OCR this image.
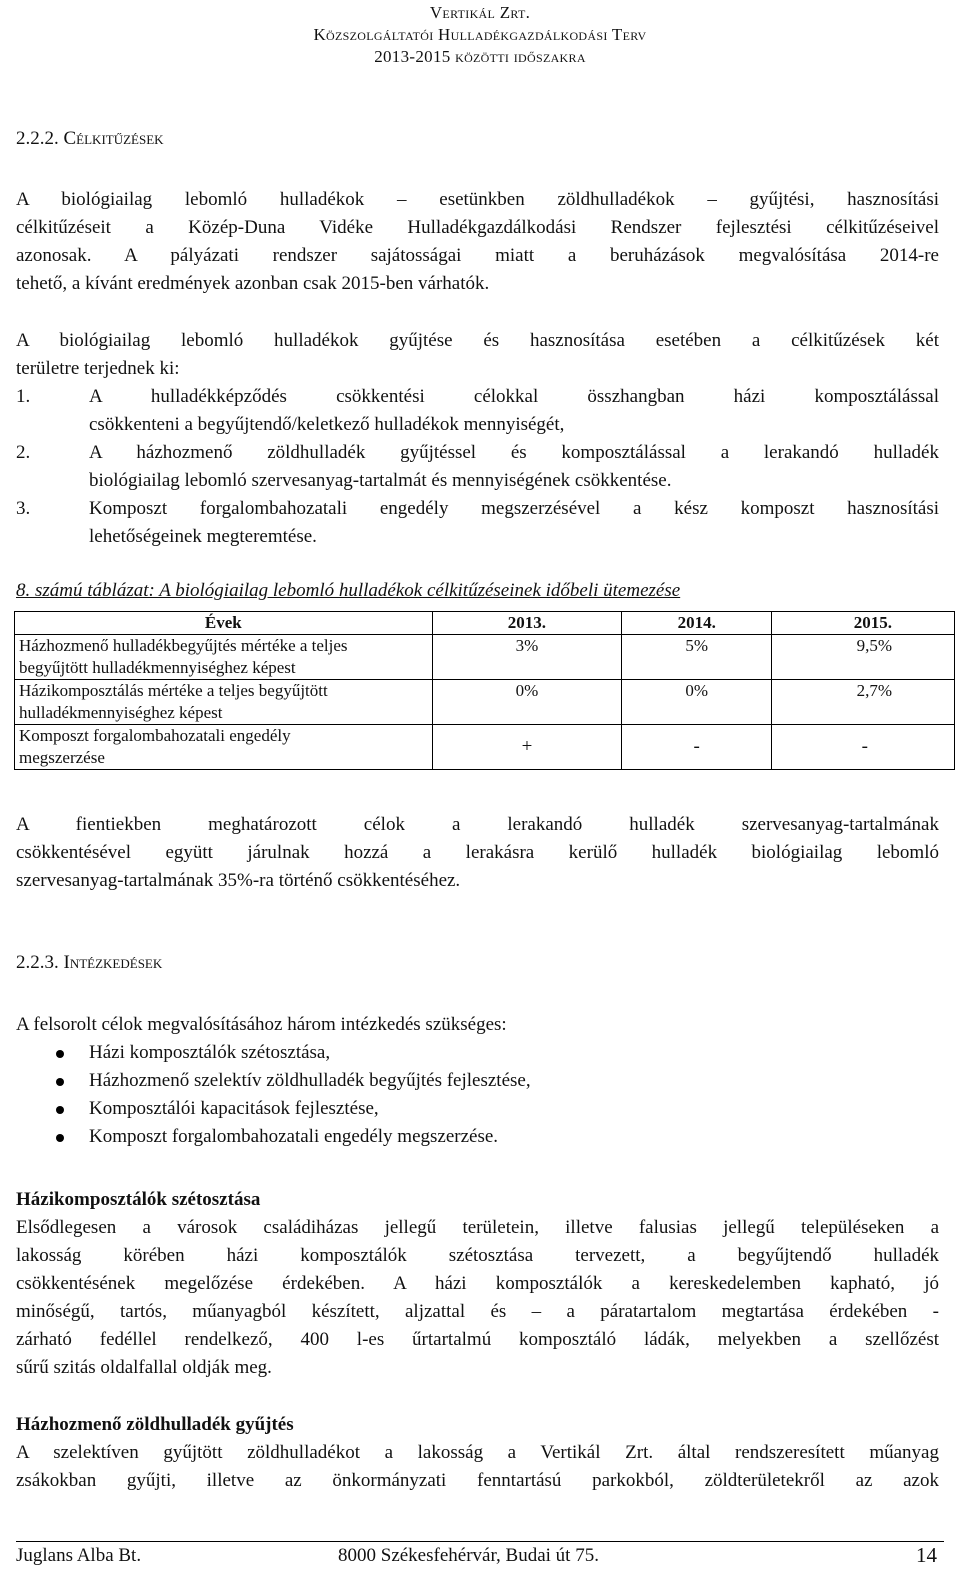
Vertikál Zrt.
Közszolgáltatói Hulladékgazdálkodási Terv
2013-2015 közötti időszakra
2.2.2. Célkitűzések
A biológiailag lebomló hulladékok – esetünkben zöldhulladékok – gyűjtési, hasznosítási
célkitűzéseit a Közép-Duna Vidéke Hulladékgazdálkodási Rendszer fejlesztési célkitűzéseivel
azonosak. A pályázati rendszer sajátosságai miatt a beruházások megvalósítása 2014-re
tehető, a kívánt eredmények azonban csak 2015-ben várhatók.
A biológiailag lebomló hulladékok gyűjtése és hasznosítása esetében a célkitűzések két
területre terjednek ki:
1.	A hulladékképződés csökkentési célokkal összhangban házi komposztálással
csökkenteni a begyűjtendő/keletkező hulladékok mennyiségét,
2.	A házhozmenő zöldhulladék gyűjtéssel és komposztálással a lerakandó hulladék
biológiailag lebomló szervesanyag-tartalmát és mennyiségének csökkentése.
3.	Komposzt forgalombahozatali engedély megszerzésével a kész komposzt hasznosítási
lehetőségeinek megteremtése.
8. számú táblázat: A biológiailag lebomló hulladékok célkitűzéseinek időbeli ütemezése
Évek	2013.	2014.	2015.

Házhozmenő hulladékbegyűjtés mértéke a teljes
begyűjtött hulladékmennyiséghez képest	3%	5%	9,5%

Házikomposztálás mértéke a teljes begyűjtött
hulladékmennyiséghez képest	0%	0%	2,7%

Komposzt forgalombahozatali engedély
megszerzése	+	-	-
A fientiekben meghatározott célok a lerakandó hulladék szervesanyag-tartalmának
csökkentésével együtt járulnak hozzá a lerakásra kerülő hulladék biológiailag lebomló
szervesanyag-tartalmának 35%-ra történő csökkentéséhez.
2.2.3. Intézkedések
A felsorolt célok megvalósításához három intézkedés szükséges:
Házi komposztálók szétosztása,
Házhozmenő szelektív zöldhulladék begyűjtés fejlesztése,
Komposztálói kapacitások fejlesztése,
Komposzt forgalombahozatali engedély megszerzése.
Házikomposztálók szétosztása
Elsődlegesen a városok családiházas jellegű területein, illetve falusias jellegű településeken a
lakosság körében házi komposztálók szétosztása tervezett, a begyűjtendő hulladék
csökkentésének megelőzése érdekében. A házi komposztálók a kereskedelemben kapható, jó
minőségű, tartós, műanyagból készített, aljzattal és – a páratartalom megtartása érdekében -
zárható fedéllel rendelkező, 400 l-es űrtartalmú komposztáló ládák, melyekben a szellőzést
sűrű szitás oldalfallal oldják meg.
Házhozmenő zöldhulladék gyűjtés
A szelektíven gyűjtött zöldhulladékot a lakosság a Vertikál Zrt. által rendszeresített műanyag
zsákokban gyűjti, illetve az önkormányzati fenntartású parkokból, zöldterületekről az azok
Juglans Alba Bt.	8000 Székesfehérvár, Budai út 75.	14
